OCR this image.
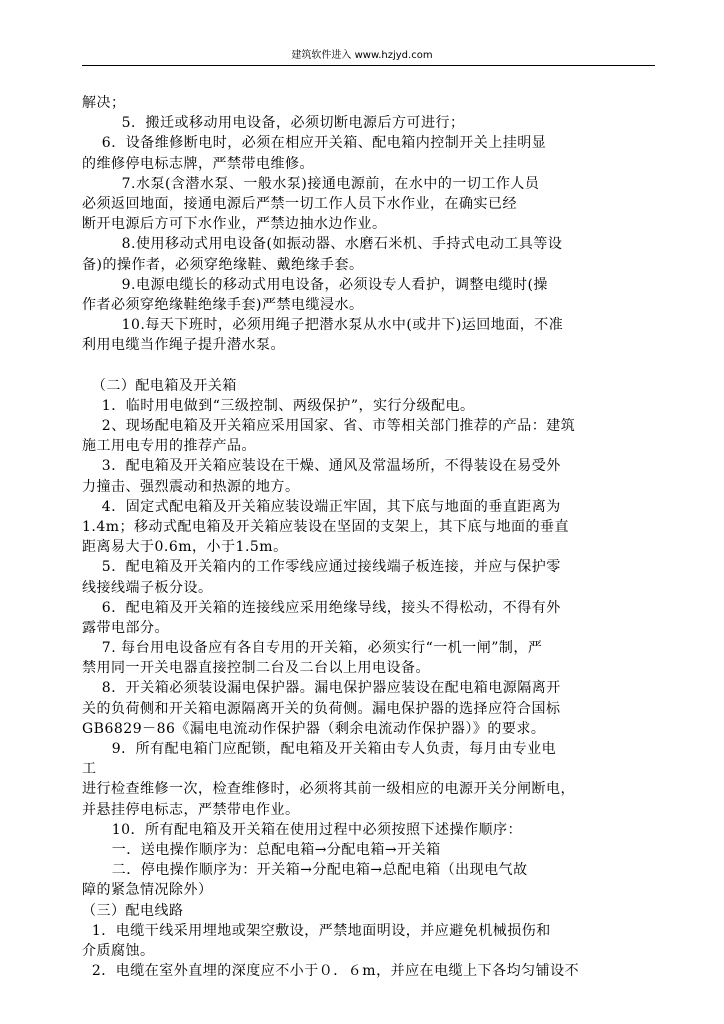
建筑软件进入 www.hzjyd.com
解决；
5．搬迁或移动用电设备，必须切断电源后方可进行；
6．设备维修断电时，必须在相应开关箱、配电箱内控制开关上挂明显
的维修停电标志牌，严禁带电维修。
7.水泵(含潜水泵、一般水泵)接通电源前，在水中的一切工作人员
必须返回地面，接通电源后严禁一切工作人员下水作业，在确实已经
断开电源后方可下水作业，严禁边抽水边作业。
8.使用移动式用电设备(如振动器、水磨石米机、手持式电动工具等设
备)的操作者，必须穿绝缘鞋、戴绝缘手套。
9.电源电缆长的移动式用电设备，必须设专人看护，调整电缆时(操
作者必须穿绝缘鞋绝缘手套)严禁电缆浸水。
10.每天下班时，必须用绳子把潜水泵从水中(或井下)运回地面，不准
利用电缆当作绳子提升潜水泵。
（二）配电箱及开关箱
1．临时用电做到“三级控制、两级保护”，实行分级配电。
2、现场配电箱及开关箱应采用国家、省、市等相关部门推荐的产品：建筑
施工用电专用的推荐产品。
3．配电箱及开关箱应装设在干燥、通风及常温场所，不得装设在易受外
力撞击、强烈震动和热源的地方。
4．固定式配电箱及开关箱应装设端正牢固，其下底与地面的垂直距离为
1.4m；移动式配电箱及开关箱应装设在坚固的支架上，其下底与地面的垂直
距离易大于0.6m，小于1.5m。
5．配电箱及开关箱内的工作零线应通过接线端子板连接，并应与保护零
线接线端子板分设。
6．配电箱及开关箱的连接线应采用绝缘导线，接头不得松动，不得有外
露带电部分。
7. 每台用电设备应有各自专用的开关箱，必须实行“一机一闸”制，严
禁用同一开关电器直接控制二台及二台以上用电设备。
8．开关箱必须装设漏电保护器。漏电保护器应装设在配电箱电源隔离开
关的负荷侧和开关箱电源隔离开关的负荷侧。漏电保护器的选择应符合国标
GB6829－86《漏电电流动作保护器（剩余电流动作保护器）》的要求。
9．所有配电箱门应配锁，配电箱及开关箱由专人负责，每月由专业电
工
进行检查维修一次，检查维修时，必须将其前一级相应的电源开关分闸断电，
并悬挂停电标志，严禁带电作业。
10．所有配电箱及开关箱在使用过程中必须按照下述操作顺序：
一．送电操作顺序为：总配电箱→分配电箱→开关箱
二．停电操作顺序为：开关箱→分配电箱→总配电箱（出现电气故
障的紧急情况除外）
（三）配电线路
1．电缆干线采用埋地或架空敷设，严禁地面明设，并应避免机械损伤和
介质腐蚀。
2．电缆在室外直埋的深度应不小于０．６m，并应在电缆上下各均匀铺设不
